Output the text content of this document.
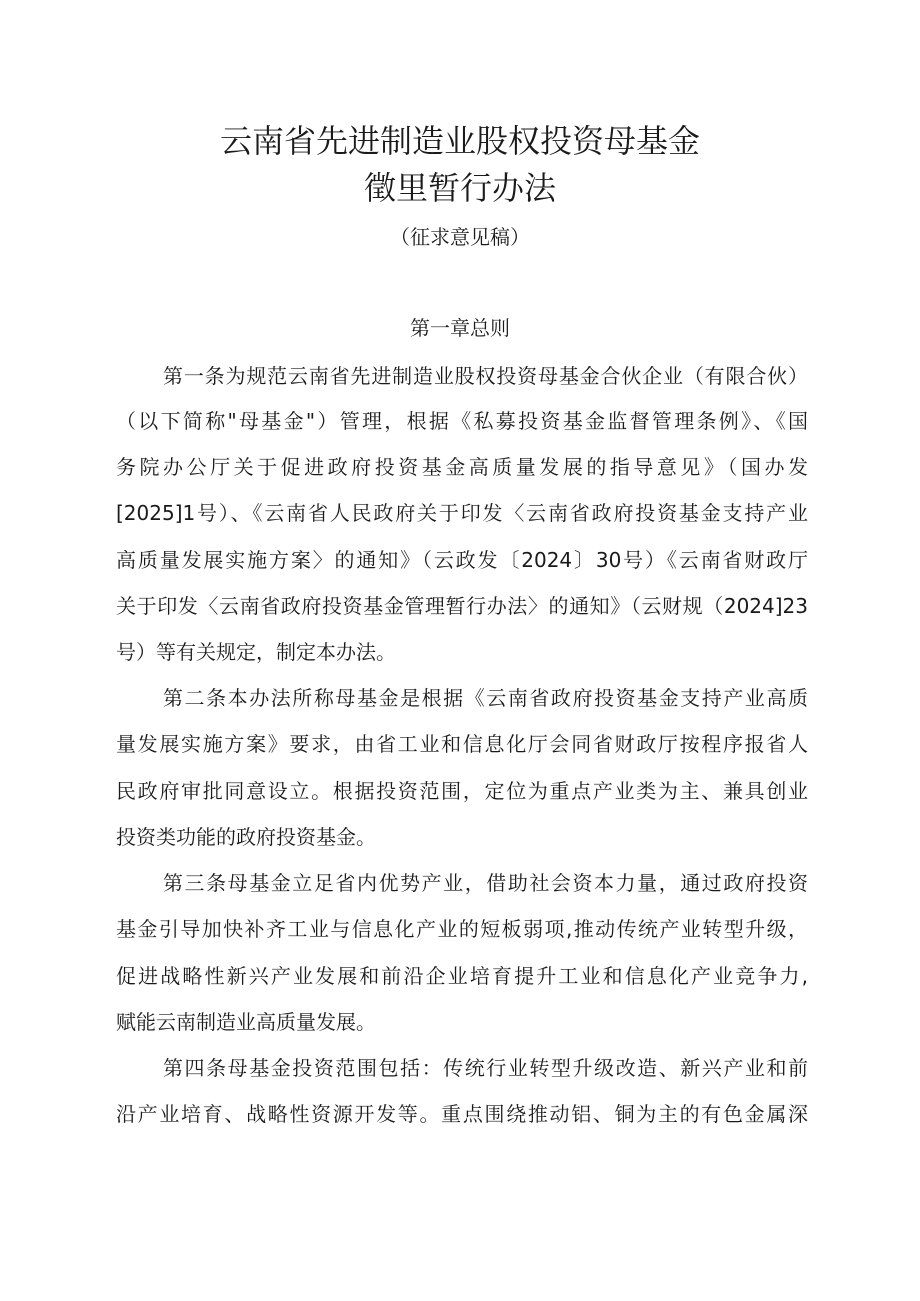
云南省先进制造业股权投资母基金
徵里暂行办法
（征求意见稿）
第一章总则
第一条为规范云南省先进制造业股权投资母基金合伙企业（有限合伙）
（以下简称"母基金"）管理，根据《私募投资基金监督管理条例》、《国
务院办公厅关于促进政府投资基金高质量发展的指导意见》（国办发
[2025]1号）、《云南省人民政府关于印发〈云南省政府投资基金支持产业
高质量发展实施方案〉的通知》（云政发〔2024〕30号）《云南省财政厅
关于印发〈云南省政府投资基金管理暂行办法〉的通知》（云财规（2024]23
号）等有关规定，制定本办法。
第二条本办法所称母基金是根据《云南省政府投资基金支持产业高质
量发展实施方案》要求，由省工业和信息化厅会同省财政厅按程序报省人
民政府审批同意设立。根据投资范围，定位为重点产业类为主、兼具创业
投资类功能的政府投资基金。
第三条母基金立足省内优势产业，借助社会资本力量，通过政府投资
基金引导加快补齐工业与信息化产业的短板弱项,推动传统产业转型升级，
促进战略性新兴产业发展和前沿企业培育提升工业和信息化产业竞争力,
赋能云南制造业高质量发展。
第四条母基金投资范围包括：传统行业转型升级改造、新兴产业和前
沿产业培育、战略性资源开发等。重点围绕推动铝、铜为主的有色金属深
